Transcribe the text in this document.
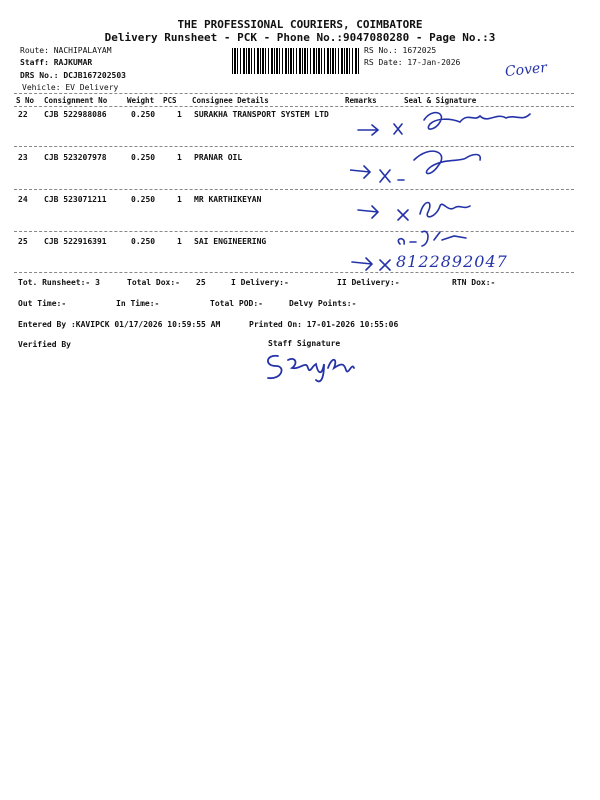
THE PROFESSIONAL COURIERS, COIMBATORE
Delivery Runsheet - PCK - Phone No.:9047080280 - Page No.:3
Route: NACHIPALAYAM
Staff: RAJKUMAR
DRS No.: DCJB167202503
Vehicle: EV Delivery
RS No.: 1672025
RS Date: 17-Jan-2026	Cover
S No Consignment No	Weight PCS Consignee Details	Remarks	Seal & Signature
22 CJB 522988086	0.250	1 SURAKHA TRANSPORT SYSTEM LTD
23 CJB 523207978	0.250	1 PRANAR OIL
24 CJB 523071211	0.250	1 MR KARTHIKEYAN
25 CJB 522916391	0.250	1 SAI ENGINEERING
8122892047
Tot. Runsheet:- 3	Total Dox:- 25	I Delivery:-	II Delivery:-	RTN Dox:-
Out Time:-	In Time:-	Total POD:-	Delvy Points:-
Entered By :KAVIPCK 01/17/2026 10:59:55 AM	Printed On: 17-01-2026 10:55:06
Verified By	Staff Signature
